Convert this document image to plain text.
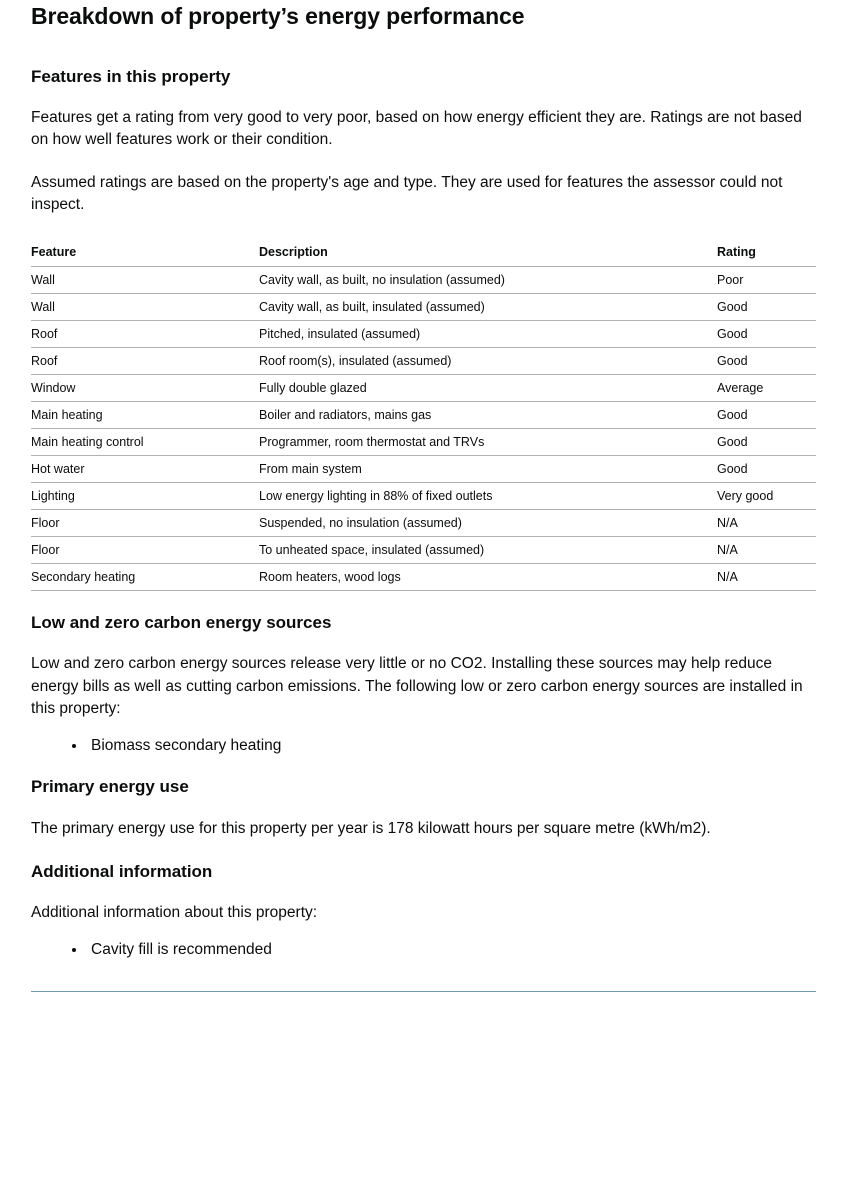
Breakdown of property’s energy performance
Features in this property

Features get a rating from very good to very poor, based on how energy efficient they are. Ratings are not based on how well features work or their condition.

Assumed ratings are based on the property's age and type. They are used for features the assessor could not inspect.

Feature	Description	Rating
Wall	Cavity wall, as built, no insulation (assumed)	Poor
Wall	Cavity wall, as built, insulated (assumed)	Good
Roof	Pitched, insulated (assumed)	Good
Roof	Roof room(s), insulated (assumed)	Good
Window	Fully double glazed	Average
Main heating	Boiler and radiators, mains gas	Good
Main heating control	Programmer, room thermostat and TRVs	Good
Hot water	From main system	Good
Lighting	Low energy lighting in 88% of fixed outlets	Very good
Floor	Suspended, no insulation (assumed)	N/A
Floor	To unheated space, insulated (assumed)	N/A
Secondary heating	Room heaters, wood logs	N/A
Low and zero carbon energy sources

Low and zero carbon energy sources release very little or no CO2. Installing these sources may help reduce energy bills as well as cutting carbon emissions. The following low or zero carbon energy sources are installed in this property:

• Biomass secondary heating
Primary energy use

The primary energy use for this property per year is 178 kilowatt hours per square metre (kWh/m2).

Additional information

Additional information about this property:

• Cavity fill is recommended
